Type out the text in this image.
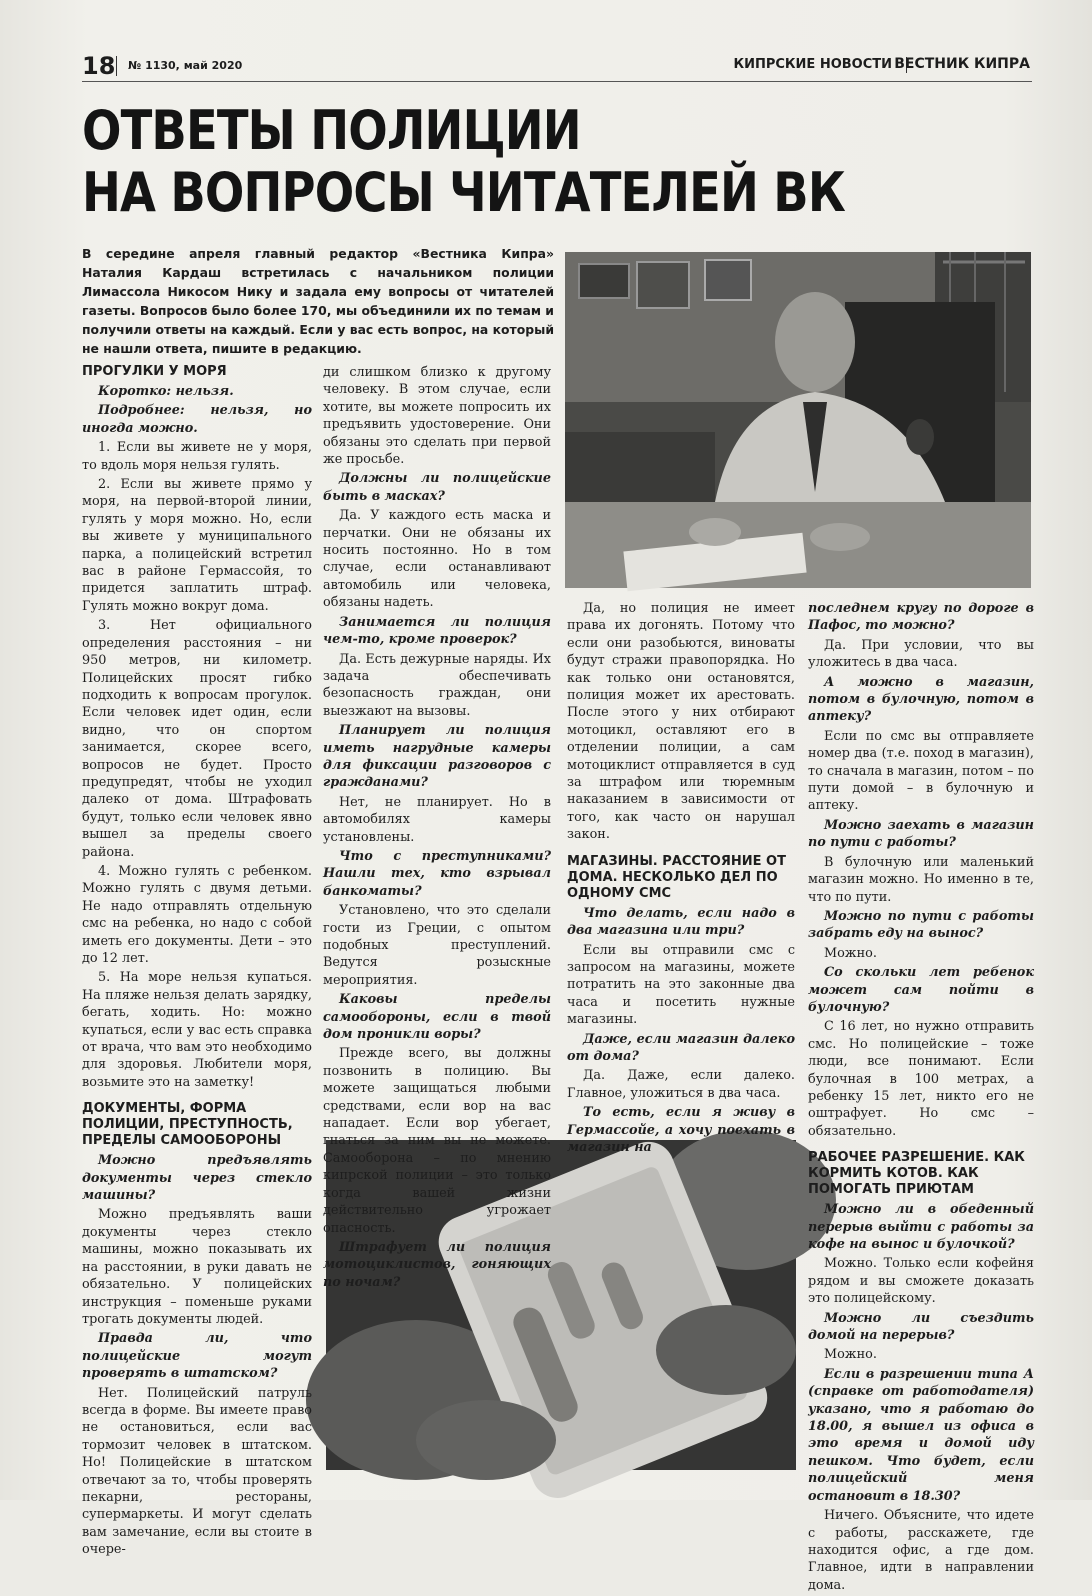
18 № 1130, май 2020	КИПРСКИЕ НОВОСТИ ВЕСТНИК КИПРА
ОТВЕТЫ ПОЛИЦИИ
НА ВОПРОСЫ ЧИТАТЕЛЕЙ ВК
В середине апреля главный редактор «Вестника Кипра» Наталия Кардаш встретилась с начальником полиции Лимассола Никосом Нику и задала ему вопросы от читателей газеты. Вопросов было более 170, мы объединили их по темам и получили ответы на каждый. Если у вас есть вопрос, на который не нашли ответа, пишите в редакцию.
ПРОГУЛКИ У МОРЯ

Коротко: нельзя.

Подробнее: нельзя, но иногда можно.

1. Если вы живете не у моря, то вдоль моря нельзя гулять.

2. Если вы живете прямо у моря, на первой-второй линии, гулять у моря можно. Но, если вы живете у муниципального парка, а полицейский встретил вас в районе Гермассойя, то придется заплатить штраф. Гулять можно вокруг дома.

3. Нет официального определения расстояния – ни 950 метров, ни километр. Полицейских просят гибко подходить к вопросам прогулок. Если человек идет один, если видно, что он спортом занимается, скорее всего, вопросов не будет. Просто предупредят, чтобы не уходил далеко от дома. Штрафовать будут, только если человек явно вышел за пределы своего района.

4. Можно гулять с ребенком. Можно гулять с двумя детьми. Не надо отправлять отдельную смс на ребенка, но надо с собой иметь его документы. Дети – это до 12 лет.

5. На море нельзя купаться. На пляже нельзя делать зарядку, бегать, ходить. Но: можно купаться, если у вас есть справка от врача, что вам это необходимо для здоровья. Любители моря, возьмите это на заметку!

ДОКУМЕНТЫ, ФОРМА ПОЛИЦИИ, ПРЕСТУПНОСТЬ, ПРЕДЕЛЫ САМООБОРОНЫ

Можно предъявлять документы через стекло машины?

Можно предъявлять ваши документы через стекло машины, можно показывать их на расстоянии, в руки давать не обязательно. У полицейских инструкция – поменьше руками трогать документы людей.

Правда ли, что полицейские могут проверять в штатском?

Нет. Полицейский патруль всегда в форме. Вы имеете право не остановиться, если вас тормозит человек в штатском. Но! Полицейские в штатском отвечают за то, чтобы проверять пекарни, рестораны, супермаркеты. И могут сделать вам замечание, если вы стоите в очере-

ди слишком близко к другому человеку. В этом случае, если хотите, вы можете попросить их предъявить удостоверение. Они обязаны это сделать при первой же просьбе.

Должны ли полицейские быть в масках?

Да. У каждого есть маска и перчатки. Они не обязаны их носить постоянно. Но в том случае, если останавливают автомобиль или человека, обязаны надеть.

Занимается ли полиция чем-то, кроме проверок?

Да. Есть дежурные наряды. Их задача обеспечивать безопасность граждан, они выезжают на вызовы.

Планирует ли полиция иметь нагрудные камеры для фиксации разговоров с гражданами?

Нет, не планирует. Но в автомобилях камеры установлены.

Что с преступниками? Нашли тех, кто взрывал банкоматы?

Установлено, что это сделали гости из Греции, с опытом подобных преступлений. Ведутся розыскные мероприятия.

Каковы пределы самообороны, если в твой дом проникли воры?

Прежде всего, вы должны позвонить в полицию. Вы можете защищаться любыми средствами, если вор на вас нападает. Если вор убегает, гнаться за ним вы не можете. Самооборона – по мнению кипрской полиции – это только когда вашей жизни действительно угрожает опасность.

Штрафует ли полиция мотоциклистов, гоняющих по ночам?

Да, но полиция не имеет права их догонять. Потому что если они разобьются, виноваты будут стражи правопорядка. Но как только они остановятся, полиция может их арестовать. После этого у них отбирают мотоцикл, оставляют его в отделении полиции, а сам мотоциклист отправляется в суд за штрафом или тюремным наказанием в зависимости от того, как часто он нарушал закон.

МАГАЗИНЫ. РАССТОЯНИЕ ОТ ДОМА. НЕСКОЛЬКО ДЕЛ ПО ОДНОМУ СМС

Что делать, если надо в два магазина или три?

Если вы отправили смс с запросом на магазины, можете потратить на это законные два часа и посетить нужные магазины.

Даже, если магазин далеко от дома?

Да. Даже, если далеко. Главное, уложиться в два часа.

То есть, если я живу в Гермассойе, а хочу поехать в магазин на

последнем кругу по дороге в Пафос, то можно?

Да. При условии, что вы уложитесь в два часа.

А можно в магазин, потом в булочную, потом в аптеку?

Если по смс вы отправляете номер два (т.е. поход в магазин), то сначала в магазин, потом – по пути домой – в булочную и аптеку.

Можно заехать в магазин по пути с работы?

В булочную или маленький магазин можно. Но именно в те, что по пути.

Можно по пути с работы забрать еду на вынос?

Можно.

Со скольки лет ребенок может сам пойти в булочную?

С 16 лет, но нужно отправить смс. Но полицейские – тоже люди, все понимают. Если булочная в 100 метрах, а ребенку 15 лет, никто его не оштрафует. Но смс – обязательно.

РАБОЧЕЕ РАЗРЕШЕНИЕ. КАК КОРМИТЬ КОТОВ. КАК ПОМОГАТЬ ПРИЮТАМ

Можно ли в обеденный перерыв выйти с работы за кофе на вынос и булочкой?

Можно. Только если кофейня рядом и вы сможете доказать это полицейскому.

Можно ли съездить домой на перерыв?

Можно.

Если в разрешении типа А (справке от работодателя) указано, что я работаю до 18.00, я вышел из офиса в это время и домой иду пешком. Что будет, если полицейский меня остановит в 18.30?

Ничего. Объясните, что идете с работы, расскажете, где находится офис, а где дом. Главное, идти в направлении дома.
